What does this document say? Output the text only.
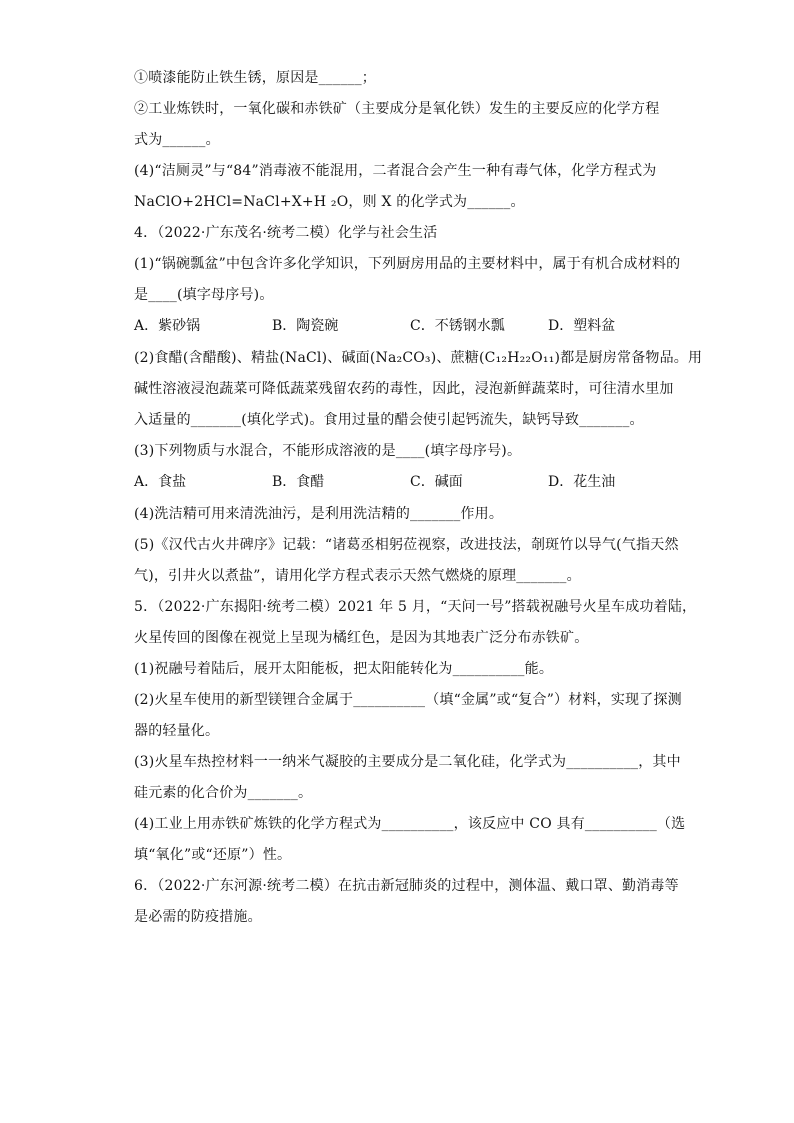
①喷漆能防止铁生锈，原因是______；
②工业炼铁时，一氧化碳和赤铁矿（主要成分是氧化铁）发生的主要反应的化学方程
式为______。
(4)“洁厕灵”与“84”消毒液不能混用，二者混合会产生一种有毒气体，化学方程式为
NaClO+2HCl=NaCl+X+H ₂O，则 X 的化学式为______。
4．（2022·广东茂名·统考二模）化学与社会生活
(1)“锅碗瓢盆”中包含许多化学知识，下列厨房用品的主要材料中，属于有机合成材料的
是____(填字母序号)。
A．紫砂锅	B．陶瓷碗	C．不锈钢水瓢	D．塑料盆
(2)食醋(含醋酸)、精盐(NaCl)、碱面(Na₂CO₃)、蔗糖(C₁₂H₂₂O₁₁)都是厨房常备物品。用
碱性溶液浸泡蔬菜可降低蔬菜残留农药的毒性，因此，浸泡新鲜蔬菜时，可往清水里加
入适量的_______(填化学式)。食用过量的醋会使引起钙流失，缺钙导致_______。
(3)下列物质与水混合，不能形成溶液的是____(填字母序号)。
A．食盐	B．食醋	C．碱面	D．花生油
(4)洗洁精可用来清洗油污，是利用洗洁精的_______作用。
(5)《汉代古火井碑序》记载：“诸葛丞相躬莅视察，改进技法，剞斑竹以导气(气指天然
气)，引井火以煮盐”，请用化学方程式表示天然气燃烧的原理_______。
5．（2022·广东揭阳·统考二模）2021 年 5 月，“天问一号”搭载祝融号火星车成功着陆，
火星传回的图像在视觉上呈现为橘红色，是因为其地表广泛分布赤铁矿。
(1)祝融号着陆后，展开太阳能板，把太阳能转化为__________能。
(2)火星车使用的新型镁锂合金属于__________（填“金属”或“复合”）材料，实现了探测
器的轻量化。
(3)火星车热控材料一一纳米气凝胶的主要成分是二氧化硅，化学式为__________，其中
硅元素的化合价为_______。
(4)工业上用赤铁矿炼铁的化学方程式为__________，该反应中 CO 具有__________（选
填“氧化”或“还原”）性。
6．（2022·广东河源·统考二模）在抗击新冠肺炎的过程中，测体温、戴口罩、勤消毒等
是必需的防疫措施。
